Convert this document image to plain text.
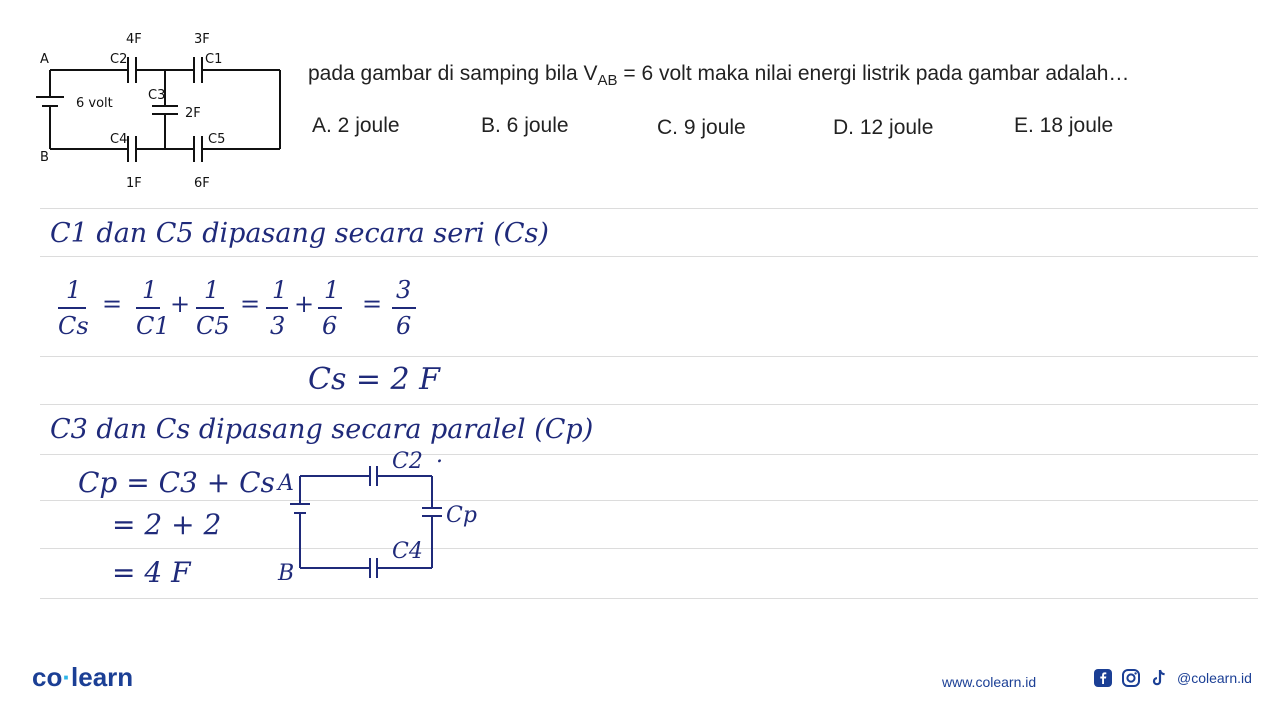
A
B
6 volt
4F
C2
3F
C1
C3
2F
C4
1F
C5
6F
pada gambar di samping bila $V_{AB} = 6$ volt maka nilai energi listrik pada gambar adalah…
A. 2 joule	B. 6 joule	C. 9 joule	D. 12 joule	E. 18 joule
C1 dan C5 dipasang secara seri (Cs)
1
Cs
= 1
C1
+ 1
C5
= 1
3
+ 1
6
= 3
6
Cs = 2 F
C3 dan Cs dipasang secara paralel (Cp)
Cp = C3 + Cs
= 2 + 2
= 4 F
A
B
C2 .
Cp
C4
co·learn	www.colearn.id	@colearn.id
